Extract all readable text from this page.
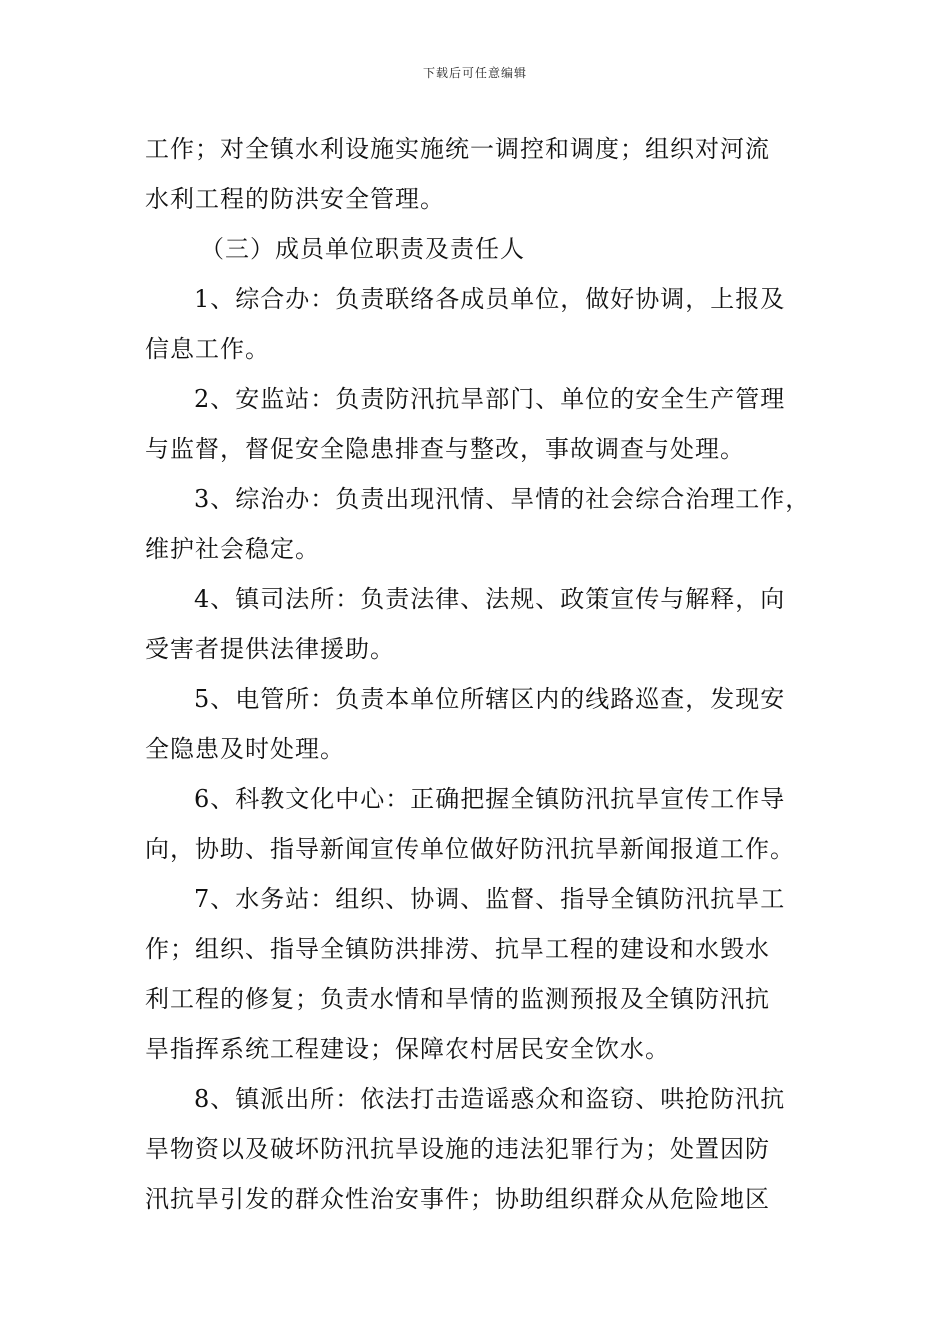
下载后可任意编辑
工作；对全镇水利设施实施统一调控和调度；组织对河流
水利工程的防洪安全管理。
（三）成员单位职责及责任人
1、综合办：负责联络各成员单位，做好协调，上报及
信息工作。
2、安监站：负责防汛抗旱部门、单位的安全生产管理
与监督，督促安全隐患排查与整改，事故调查与处理。
3、综治办：负责出现汛情、旱情的社会综合治理工作，
维护社会稳定。
4、镇司法所：负责法律、法规、政策宣传与解释，向
受害者提供法律援助。
5、电管所：负责本单位所辖区内的线路巡查，发现安
全隐患及时处理。
6、科教文化中心：正确把握全镇防汛抗旱宣传工作导
向，协助、指导新闻宣传单位做好防汛抗旱新闻报道工作。
7、水务站：组织、协调、监督、指导全镇防汛抗旱工
作；组织、指导全镇防洪排涝、抗旱工程的建设和水毁水
利工程的修复；负责水情和旱情的监测预报及全镇防汛抗
旱指挥系统工程建设；保障农村居民安全饮水。
8、镇派出所：依法打击造谣惑众和盗窃、哄抢防汛抗
旱物资以及破坏防汛抗旱设施的违法犯罪行为；处置因防
汛抗旱引发的群众性治安事件；协助组织群众从危险地区
